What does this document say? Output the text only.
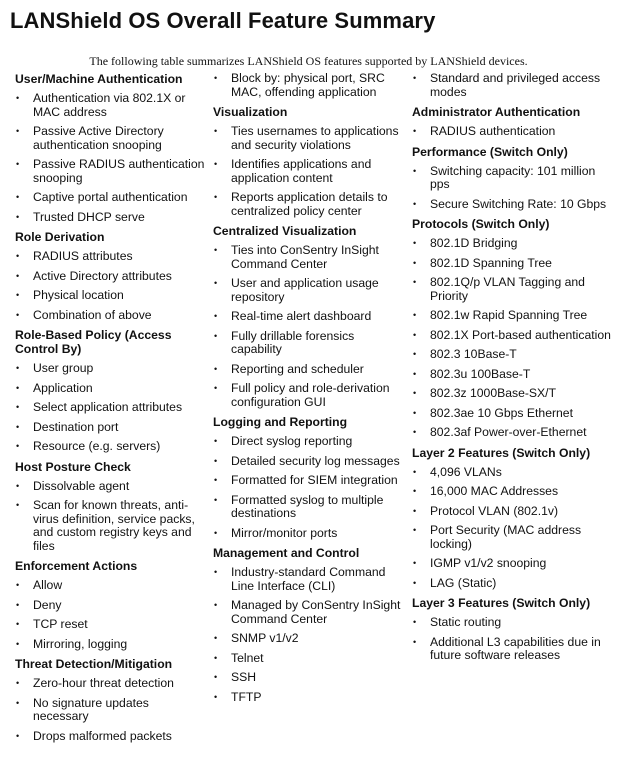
LANShield OS Overall Feature Summary
The following table summarizes LANShield OS features supported by LANShield devices.
User/Machine Authentication
• Authentication via 802.1X or MAC address
• Passive Active Directory authentication snooping
• Passive RADIUS authentication snooping
• Captive portal authentication
• Trusted DHCP serve
Role Derivation
• RADIUS attributes
• Active Directory attributes
• Physical location
• Combination of above
Role-Based Policy (Access Control By)
• User group
• Application
• Select application attributes
• Destination port
• Resource (e.g. servers)
Host Posture Check
• Dissolvable agent
• Scan for known threats, anti-virus definition, service packs, and custom registry keys and files
Enforcement Actions
• Allow
• Deny
• TCP reset
• Mirroring, logging
Threat Detection/Mitigation
• Zero-hour threat detection
• No signature updates necessary
• Drops malformed packets
• Block by: physical port, SRC MAC, offending application
Visualization
• Ties usernames to applications and security violations
• Identifies applications and application content
• Reports application details to centralized policy center
Centralized Visualization
• Ties into ConSentry InSight Command Center
• User and application usage repository
• Real-time alert dashboard
• Fully drillable forensics capability
• Reporting and scheduler
• Full policy and role-derivation configuration GUI
Logging and Reporting
• Direct syslog reporting
• Detailed security log messages
• Formatted for SIEM integration
• Formatted syslog to multiple destinations
• Mirror/monitor ports
Management and Control
• Industry-standard Command Line Interface (CLI)
• Managed by ConSentry InSight Command Center
• SNMP v1/v2
• Telnet
• SSH
• TFTP
• Standard and privileged access modes
Administrator Authentication
• RADIUS authentication
Performance (Switch Only)
• Switching capacity: 101 million pps
• Secure Switching Rate: 10 Gbps
Protocols (Switch Only)
• 802.1D Bridging
• 802.1D Spanning Tree
• 802.1Q/p VLAN Tagging and Priority
• 802.1w Rapid Spanning Tree
• 802.1X Port-based authentication
• 802.3 10Base-T
• 802.3u 100Base-T
• 802.3z 1000Base-SX/T
• 802.3ae 10 Gbps Ethernet
• 802.3af Power-over-Ethernet
Layer 2 Features (Switch Only)
• 4,096 VLANs
• 16,000 MAC Addresses
• Protocol VLAN (802.1v)
• Port Security (MAC address locking)
• IGMP v1/v2 snooping
• LAG (Static)
Layer 3 Features (Switch Only)
• Static routing
• Additional L3 capabilities due in future software releases
